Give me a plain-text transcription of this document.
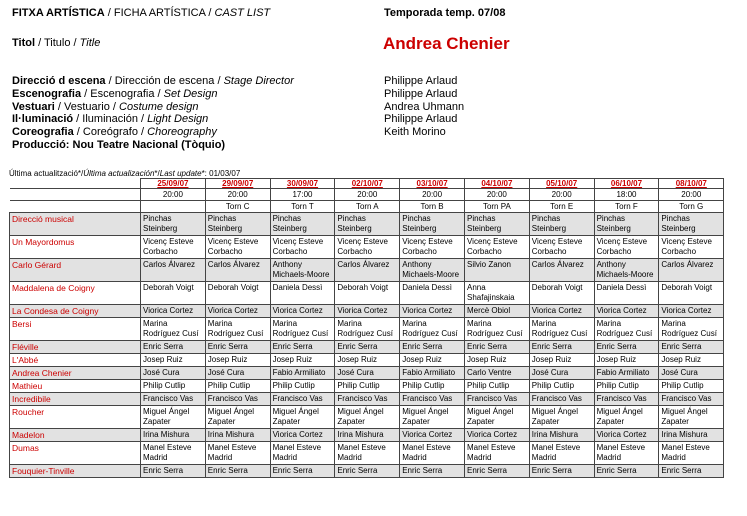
FITXA ARTÍSTICA / FICHA ARTÍSTICA / CAST LIST	Temporada temp. 07/08
Titol / Titulo / Title	Andrea Chenier
Direcció d escena / Dirección de escena / Stage Director	Philippe Arlaud
Escenografia / Escenografia / Set Design	Philippe Arlaud
Vestuari / Vestuario / Costume design	Andrea Uhmann
Il·luminació / Iluminación / Light Design	Philippe Arlaud
Coreografia / Coreógrafo / Choreography	Keith Morino
Producció: Nou Teatre Nacional (Tòquio)
Última actualització*/Última actualización*/Last update*: 01/03/07
	25/09/07	29/09/07	30/09/07	02/10/07	03/10/07	04/10/07	05/10/07	06/10/07	08/10/07
	20:00	20:00	17:00	20:00	20:00	20:00	20:00	18:00	20:00
		Torn C	Torn T	Torn A	Torn B	Torn PA	Torn E	Torn F	Torn G
Direcció musical	Pinchas Steinberg	Pinchas Steinberg	Pinchas Steinberg	Pinchas Steinberg	Pinchas Steinberg	Pinchas Steinberg	Pinchas Steinberg	Pinchas Steinberg	Pinchas Steinberg
Un Mayordomus	Vicenç Esteve Corbacho	Vicenç Esteve Corbacho	Vicenç Esteve Corbacho	Vicenç Esteve Corbacho	Vicenç Esteve Corbacho	Vicenç Esteve Corbacho	Vicenç Esteve Corbacho	Vicenç Esteve Corbacho	Vicenç Esteve Corbacho
Carlo Gérard	Carlos Álvarez	Carlos Álvarez	Anthony Michaels-Moore	Carlos Álvarez	Anthony Michaels-Moore	Silvio Zanon	Carlos Álvarez	Anthony Michaels-Moore	Carlos Álvarez
Maddalena de Coigny	Deborah Voigt	Deborah Voigt	Daniela Dessì	Deborah Voigt	Daniela Dessì	Anna Shafajinskaia	Deborah Voigt	Daniela Dessì	Deborah Voigt
La Condesa de Coigny	Viorica Cortez	Viorica Cortez	Viorica Cortez	Viorica Cortez	Viorica Cortez	Mercè Obiol	Viorica Cortez	Viorica Cortez	Viorica Cortez
Bersi	Marina Rodríguez Cusí	Marina Rodríguez Cusí	Marina Rodríguez Cusí	Marina Rodríguez Cusí	Marina Rodríguez Cusí	Marina Rodríguez Cusí	Marina Rodríguez Cusí	Marina Rodríguez Cusí	Marina Rodríguez Cusí
Fléville	Enric Serra	Enric Serra	Enric Serra	Enric Serra	Enric Serra	Enric Serra	Enric Serra	Enric Serra	Enric Serra
L'Abbé	Josep Ruiz	Josep Ruiz	Josep Ruiz	Josep Ruiz	Josep Ruiz	Josep Ruiz	Josep Ruiz	Josep Ruiz	Josep Ruiz
Andrea Chenier	José Cura	José Cura	Fabio Armiliato	José Cura	Fabio Armiliato	Carlo Ventre	José Cura	Fabio Armiliato	José Cura
Mathieu	Philip Cutlip	Philip Cutlip	Philip Cutlip	Philip Cutlip	Philip Cutlip	Philip Cutlip	Philip Cutlip	Philip Cutlip	Philip Cutlip
Incredibile	Francisco Vas	Francisco Vas	Francisco Vas	Francisco Vas	Francisco Vas	Francisco Vas	Francisco Vas	Francisco Vas	Francisco Vas
Roucher	Miguel Ángel Zapater	Miguel Ángel Zapater	Miguel Ángel Zapater	Miguel Ángel Zapater	Miguel Ángel Zapater	Miguel Ángel Zapater	Miguel Ángel Zapater	Miguel Ángel Zapater	Miguel Ángel Zapater
Madelon	Irina Mishura	Irina Mishura	Viorica Cortez	Irina Mishura	Viorica Cortez	Viorica Cortez	Irina Mishura	Viorica Cortez	Irina Mishura
Dumas	Manel Esteve Madrid	Manel Esteve Madrid	Manel Esteve Madrid	Manel Esteve Madrid	Manel Esteve Madrid	Manel Esteve Madrid	Manel Esteve Madrid	Manel Esteve Madrid	Manel Esteve Madrid
Fouquier-Tinville	Enric Serra	Enric Serra	Enric Serra	Enric Serra	Enric Serra	Enric Serra	Enric Serra	Enric Serra	Enric Serra
